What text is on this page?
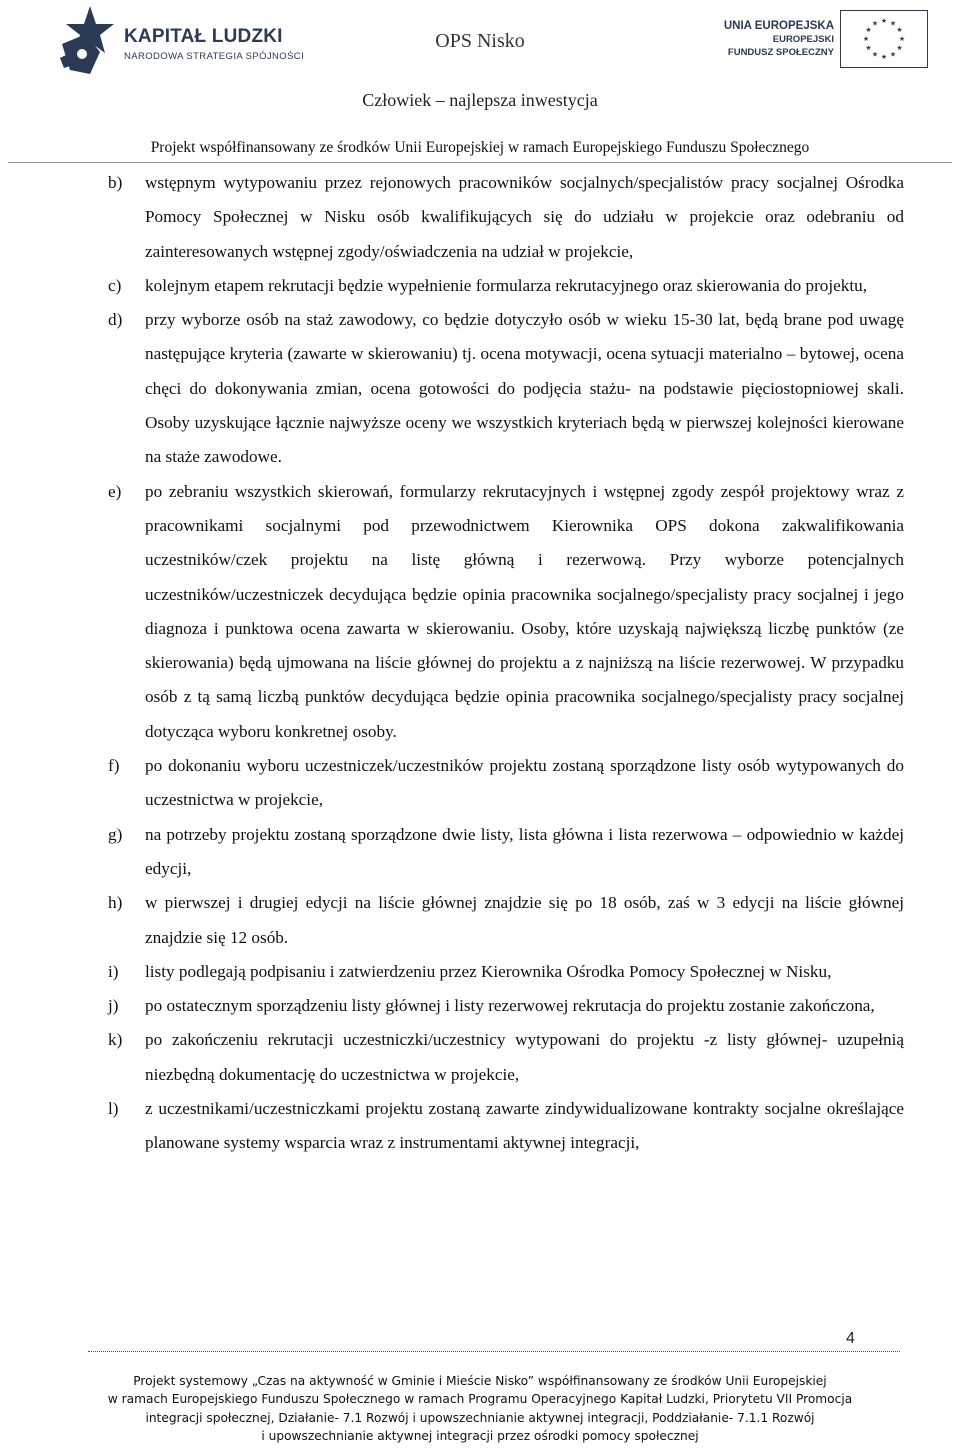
KAPITAŁ LUDZKI
NARODOWA STRATEGIA SPÓJNOŚCI
OPS Nisko
UNIA EUROPEJSKA
EUROPEJSKI
FUNDUSZ SPOŁECZNY
★ ★
★
★
★
★
★
★
★
★
★
★
Człowiek – najlepsza inwestycja
Projekt współfinansowany ze środków Unii Europejskiej w ramach Europejskiego Funduszu Społecznego
b) wstępnym wytypowaniu przez rejonowych pracowników socjalnych/specjalistów pracy socjalnej Ośrodka Pomocy Społecznej w Nisku osób kwalifikujących się do udziału w projekcie oraz odebraniu od zainteresowanych wstępnej zgody/oświadczenia na udział w projekcie,
c) kolejnym etapem rekrutacji będzie wypełnienie formularza rekrutacyjnego oraz skierowania do projektu,
d) przy wyborze osób na staż zawodowy, co będzie dotyczyło osób w wieku 15-30 lat, będą brane pod uwagę następujące kryteria (zawarte w skierowaniu) tj. ocena motywacji, ocena sytuacji materialno – bytowej, ocena chęci do dokonywania zmian, ocena gotowości do podjęcia stażu- na podstawie pięciostopniowej skali. Osoby uzyskujące łącznie najwyższe oceny we wszystkich kryteriach będą w pierwszej kolejności kierowane na staże zawodowe.
e) po zebraniu wszystkich skierowań, formularzy rekrutacyjnych i wstępnej zgody zespół projektowy wraz z pracownikami socjalnymi pod przewodnictwem Kierownika OPS dokona zakwalifikowania uczestników/czek projektu na listę główną i rezerwową. Przy wyborze potencjalnych uczestników/uczestniczek decydująca będzie opinia pracownika socjalnego/specjalisty pracy socjalnej i jego diagnoza i punktowa ocena zawarta w skierowaniu. Osoby, które uzyskają największą liczbę punktów (ze skierowania) będą ujmowana na liście głównej do projektu a z najniższą na liście rezerwowej. W przypadku osób z tą samą liczbą punktów decydująca będzie opinia pracownika socjalnego/specjalisty pracy socjalnej dotycząca wyboru konkretnej osoby.
f) po dokonaniu wyboru uczestniczek/uczestników projektu zostaną sporządzone listy osób wytypowanych do uczestnictwa w projekcie,
g) na potrzeby projektu zostaną sporządzone dwie listy, lista główna i lista rezerwowa – odpowiednio w każdej edycji,
h) w pierwszej i drugiej edycji na liście głównej znajdzie się po 18 osób, zaś w 3 edycji na liście głównej znajdzie się 12 osób.
i) listy podlegają podpisaniu i zatwierdzeniu przez Kierownika Ośrodka Pomocy Społecznej w Nisku,
j) po ostatecznym sporządzeniu listy głównej i listy rezerwowej rekrutacja do projektu zostanie zakończona,
k) po zakończeniu rekrutacji uczestniczki/uczestnicy wytypowani do projektu -z listy głównej- uzupełnią niezbędną dokumentację do uczestnictwa w projekcie,
l) z uczestnikami/uczestniczkami projektu zostaną zawarte zindywidualizowane kontrakty socjalne określające planowane systemy wsparcia wraz z instrumentami aktywnej integracji,
4
Projekt systemowy „Czas na aktywność w Gminie i Mieście Nisko” współfinansowany ze środków Unii Europejskiej
w ramach Europejskiego Funduszu Społecznego w ramach Programu Operacyjnego Kapitał Ludzki, Priorytetu VII Promocja
integracji społecznej, Działanie- 7.1 Rozwój i upowszechnianie aktywnej integracji, Poddziałanie- 7.1.1 Rozwój
i upowszechnianie aktywnej integracji przez ośrodki pomocy społecznej
